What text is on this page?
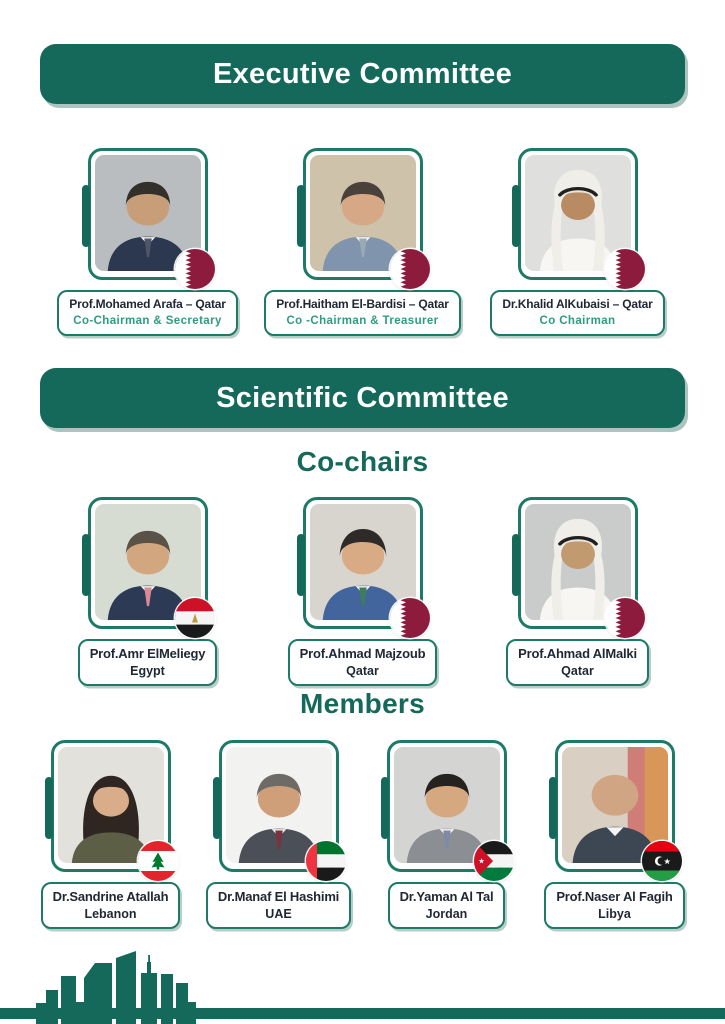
Executive Committee
Prof.Mohamed Arafa – Qatar
Co-Chairman & Secretary
Prof.Haitham El-Bardisi – Qatar
Co -Chairman & Treasurer
Dr.Khalid AlKubaisi – Qatar
Co Chairman
Scientific Committee
Co-chairs
Prof.Amr ElMeliegy
Egypt
Prof.Ahmad Majzoub
Qatar
Prof.Ahmad AlMalki
Qatar
Members
Dr.Sandrine Atallah
Lebanon
Dr.Manaf El Hashimi
UAE
Dr.Yaman Al Tal
Jordan
Prof.Naser Al Fagih
Libya
